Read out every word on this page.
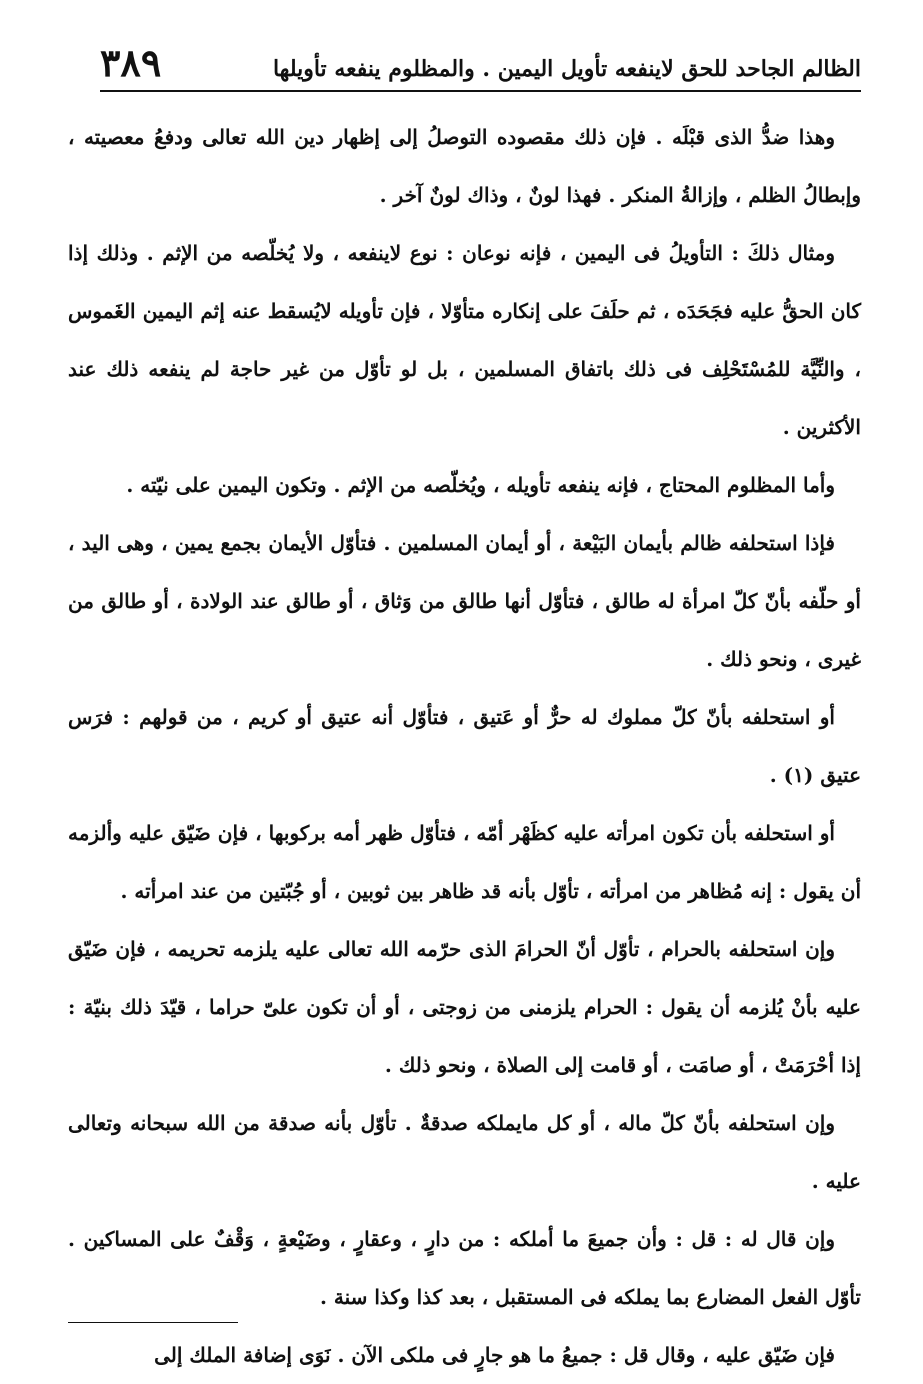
الظالم الجاحد للحق لاينفعه تأويل اليمين . والمظلوم ينفعه تأويلها
٣٨٩

وهذا ضدُّ الذى قبْلَه . فإن ذلك مقصوده التوصلُ إلى إظهار دين الله تعالى ودفعُ معصيته ، وإبطالُ الظلم ، وإزالةُ المنكر . فهذا لونٌ ، وذاك لونٌ آخر .

ومثال ذلكَ : التأويلُ فى اليمين ، فإنه نوعان : نوع لاينفعه ، ولا يُخلّصه من الإثم . وذلك إذا كان الحقُّ عليه فجَحَدَه ، ثم حلَفَ على إنكاره متأوّلا ، فإن تأويله لايُسقط عنه إثم اليمين الغَموس ، والنِّيَّة للمُسْتَحْلِف فى ذلك باتفاق المسلمين ، بل لو تأوّل من غير حاجة لم ينفعه ذلك عند الأكثرين .

وأما المظلوم المحتاج ، فإنه ينفعه تأويله ، ويُخلّصه من الإثم . وتكون اليمين على نيّته .

فإذا استحلفه ظالم بأيمان البَيْعة ، أو أيمان المسلمين . فتأوّل الأيمان بجمع يمين ، وهى اليد ، أو حلّفه بأنّ كلّ امرأة له طالق ، فتأوّل أنها طالق من وَثاق ، أو طالق عند الولادة ، أو طالق من غيرى ، ونحو ذلك .

أو استحلفه بأنّ كلّ مملوك له حرٌّ أو عَتيق ، فتأوّل أنه عتيق أو كريم ، من قولهم : فرَس عتيق (١) .

أو استحلفه بأن تكون امرأته عليه كظَهْر أمّه ، فتأوّل ظهر أمه بركوبها ، فإن ضَيّق عليه وألزمه أن يقول : إنه مُظاهر من امرأته ، تأوّل بأنه قد ظاهر بين ثوبين ، أو جُبّتين من عند امرأته .

وإن استحلفه بالحرام ، تأوّل أنّ الحرامَ الذى حرّمه الله تعالى عليه يلزمه تحريمه ، فإن ضَيّق عليه بأنْ يُلزمه أن يقول : الحرام يلزمنى من زوجتى ، أو أن تكون علىّ حراما ، قيّدَ ذلك بنيّة : إذا أحْرَمَتْ ، أو صامَت ، أو قامت إلى الصلاة ، ونحو ذلك .

وإن استحلفه بأنّ كلّ ماله ، أو كل مايملكه صدقةٌ . تأوّل بأنه صدقة من الله سبحانه وتعالى عليه .

وإن قال له : قل : وأن جميعَ ما أملكه : من دارٍ ، وعقارٍ ، وضَيْعةٍ ، وَقْفٌ على المساكين . تأوّل الفعل المضارع بما يملكه فى المستقبل ، بعد كذا وكذا سنة .

فإن ضَيّق عليه ، وقال قل : جميعُ ما هو جارٍ فى ملكى الآن . نَوَى إضافة الملك إلى
